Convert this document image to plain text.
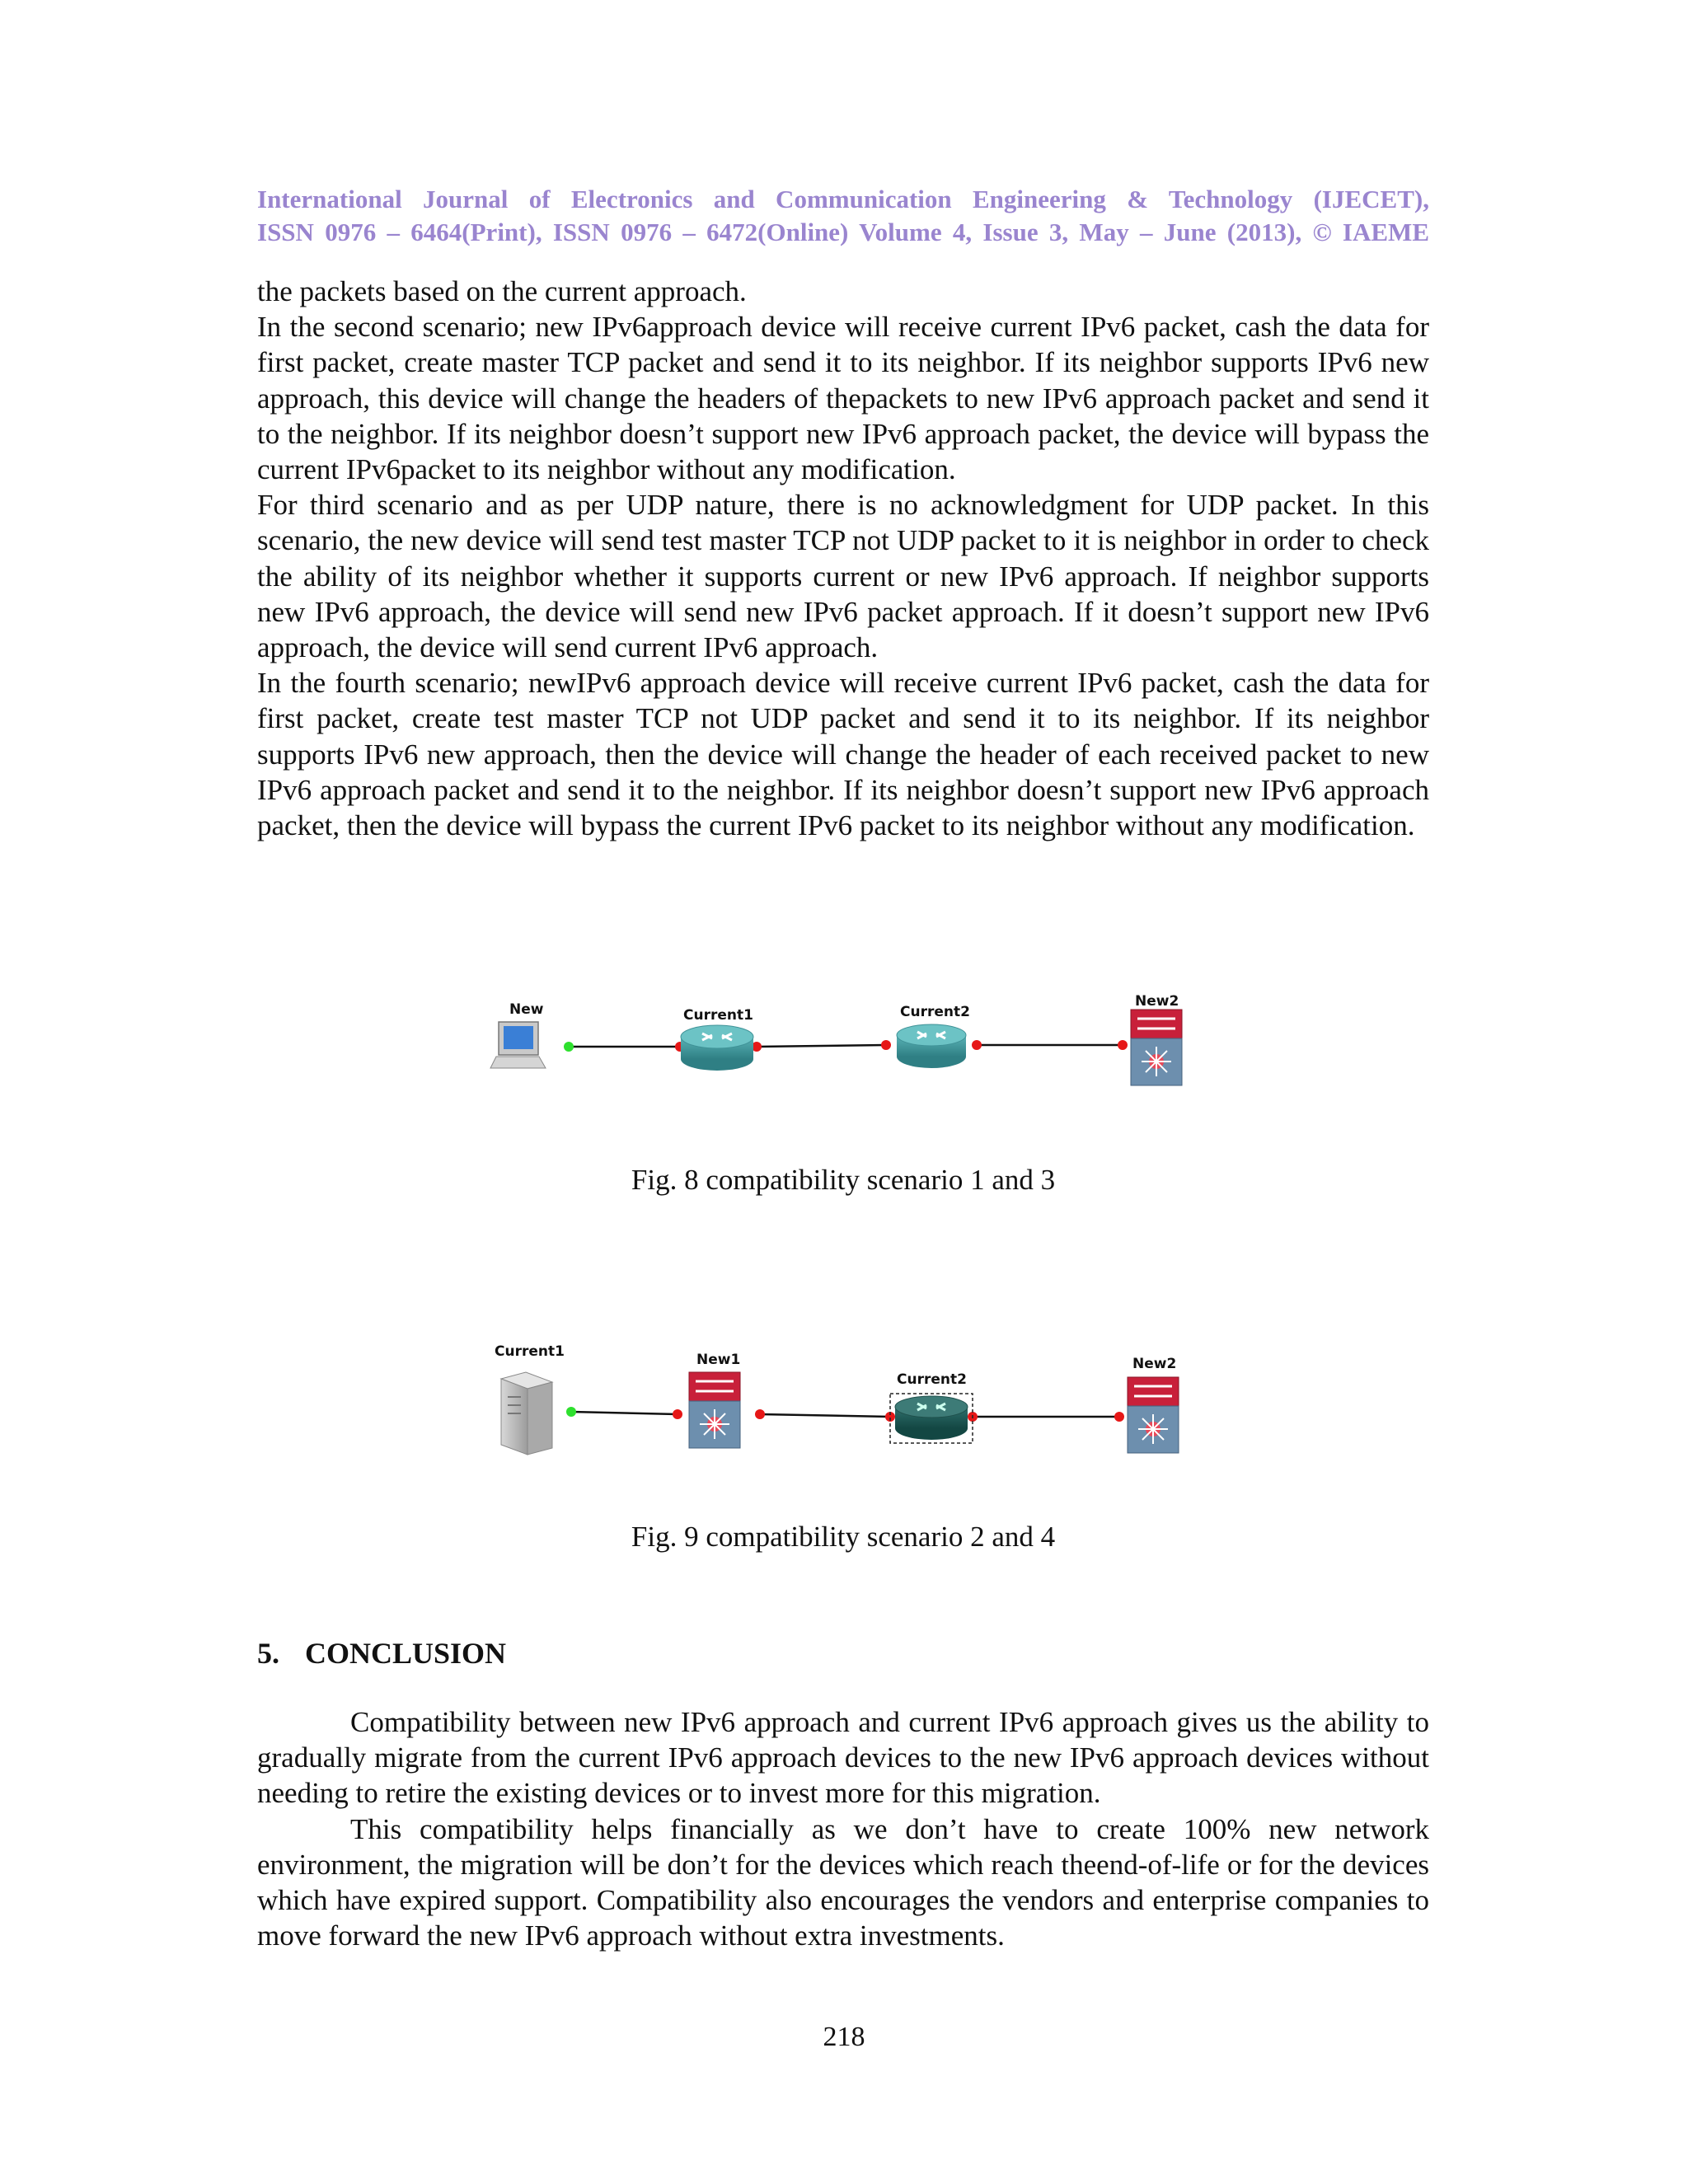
International Journal of Electronics and Communication Engineering & Technology (IJECET),
ISSN 0976 – 6464(Print), ISSN 0976 – 6472(Online) Volume 4, Issue 3, May – June (2013), © IAEME

the packets based on the current approach.

In the second scenario; new IPv6approach device will receive current IPv6 packet, cash the data for first packet, create master TCP packet and send it to its neighbor. If its neighbor supports IPv6 new approach, this device will change the headers of thepackets to new IPv6 approach packet and send it to the neighbor. If its neighbor doesn’t support new IPv6 approach packet, the device will bypass the current IPv6packet to its neighbor without any modification.

For third scenario and as per UDP nature, there is no acknowledgment for UDP packet. In this scenario, the new device will send test master TCP not UDP packet to it is neighbor in order to check the ability of its neighbor whether it supports current or new IPv6 approach. If neighbor supports new IPv6 approach, the device will send new IPv6 packet approach. If it doesn’t support new IPv6 approach, the device will send current IPv6 approach.

In the fourth scenario; newIPv6 approach device will receive current IPv6 packet, cash the data for first packet, create test master TCP not UDP packet and send it to its neighbor. If its neighbor supports IPv6 new approach, then the device will change the header of each received packet to new IPv6 approach packet and send it to the neighbor. If its neighbor doesn’t support new IPv6 approach packet, then the device will bypass the current IPv6 packet to its neighbor without any modification.

New	Current1	Current2
New2
Fig. 8 compatibility scenario 1 and 3
Current1	New1
Current2
New2
Fig. 9 compatibility scenario 2 and 4
5. CONCLUSION

Compatibility between new IPv6 approach and current IPv6 approach gives us the ability to gradually migrate from the current IPv6 approach devices to the new IPv6 approach devices without needing to retire the existing devices or to invest more for this migration.

This compatibility helps financially as we don’t have to create 100% new network environment, the migration will be don’t for the devices which reach theend-of-life or for the devices which have expired support. Compatibility also encourages the vendors and enterprise companies to move forward the new IPv6 approach without extra investments.

218
